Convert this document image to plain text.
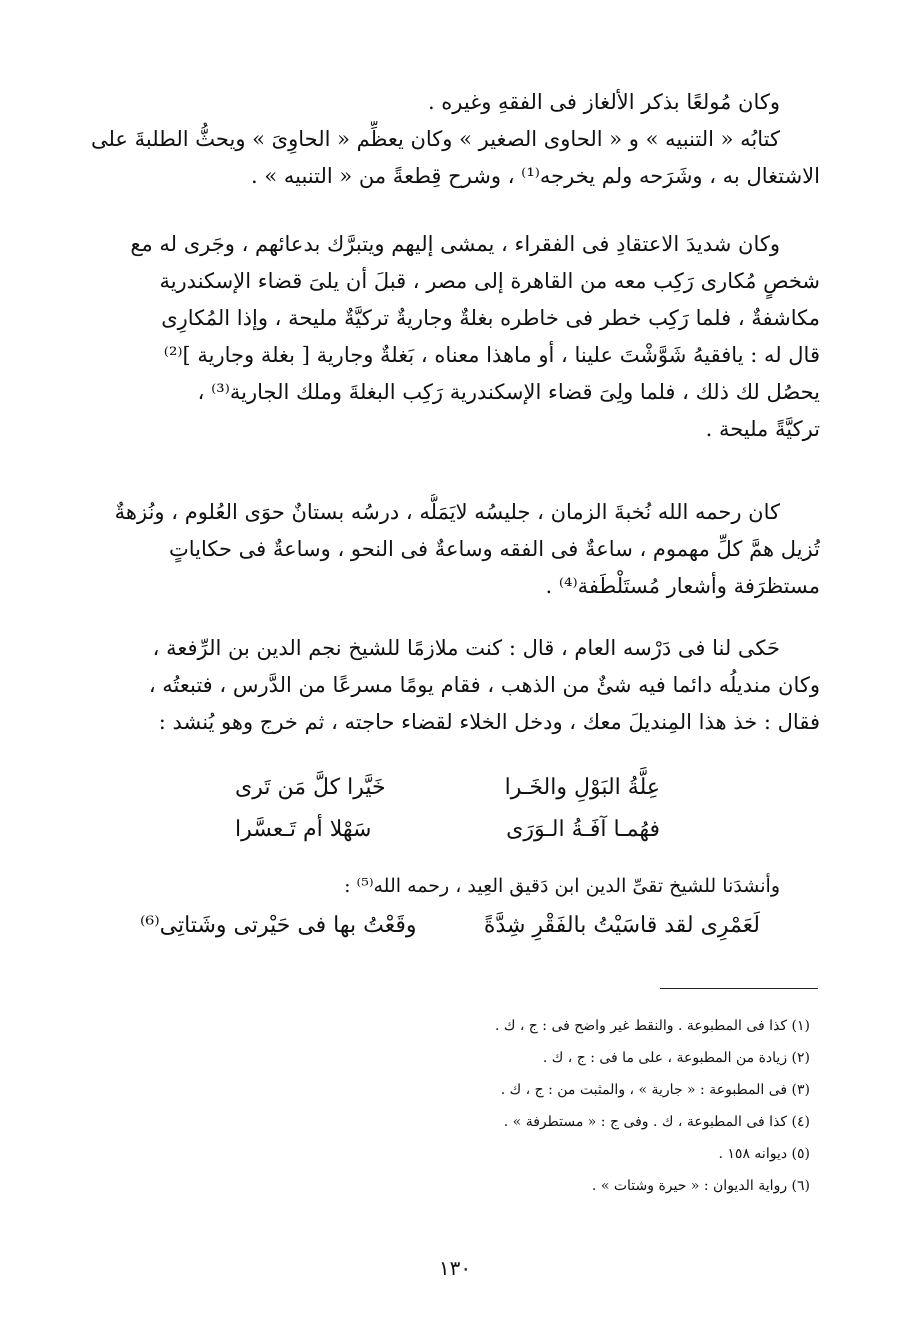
وكان مُولعًا بذكر الألغاز فى الفقهِ وغيره .
كتابُه « التنبيه » و « الحاوى الصغير » وكان يعظِّم « الحاوِىَ » ويحثُّ الطلبةَ على
الاشتغال به ، وشَرَحه ولم يخرجه⁽¹⁾ ، وشرح قِطعةً من « التنبيه » .
وكان شديدَ الاعتقادِ فى الفقراء ، يمشى إليهم ويتبرَّك بدعائهم ، وجَرى له مع
شخصٍ مُكارى رَكِب معه من القاهرة إلى مصر ، قبلَ أن يلىَ قضاء الإسكندرية
مكاشفةٌ ، فلما رَكِب خطر فى خاطره بغلةٌ وجاريةٌ تركيَّةٌ مليحة ، وإذا المُكارِى
قال له : يافقيهُ شَوَّشْتَ علينا ، أو ماهذا معناه ، بَغلةٌ وجارية [ بغلة وجارية ]⁽²⁾
يحصُل لك ذلك ، فلما ولِىَ قضاء الإسكندرية رَكِب البغلةَ وملك الجارية⁽³⁾ ،
تركيَّةً مليحة .
كان رحمه الله نُخبةَ الزمان ، جليسُه لايَمَلُّه ، درسُه بستانٌ حوَى العُلوم ، ونُزهةٌ
تُزيل همَّ كلِّ مهموم ، ساعةٌ فى الفقه وساعةٌ فى النحو ، وساعةٌ فى حكاياتٍ
مستظرَفة وأشعار مُستَلْطَفة⁽⁴⁾ .
حَكى لنا فى دَرْسه العام ، قال : كنت ملازمًا للشيخ نجم الدين بن الرِّفعة ،
وكان منديلُه دائما فيه شئٌ من الذهب ، فقام يومًا مسرعًا من الدَّرس ، فتبعتُه ،
فقال : خذ هذا المِنديلَ معك ، ودخل الخلاء لقضاء حاجته ، ثم خرج وهو يُنشد :
عِلَّةُ البَوْلِ والخَـرا
خَيَّرا كلَّ مَن تَرى
فهُمـا آفَـةُ الـوَرَى
سَهْلا أم تَـعسَّرا
وأنشدَنا للشيخ تقىِّ الدين ابن دَقيق العِيد ، رحمه الله⁽⁵⁾ :
لَعَمْرِى لقد قاسَيْتُ بالفَقْرِ شِدَّةً
وقَعْتُ بها فى حَيْرتى وشَتاتِى⁽⁶⁾
(١) كذا فى المطبوعة . والنقط غير واضح فى : ج ، ك .
(٢) زيادة من المطبوعة ، على ما فى : ج ، ك .
(٣) فى المطبوعة : « جارية » ، والمثبت من : ج ، ك .
(٤) كذا فى المطبوعة ، ك . وفى ج : « مستطرفة » .
(٥) ديوانه ١٥٨ .
(٦) رواية الديوان : « حيرة وشتات » .
١٣٠
